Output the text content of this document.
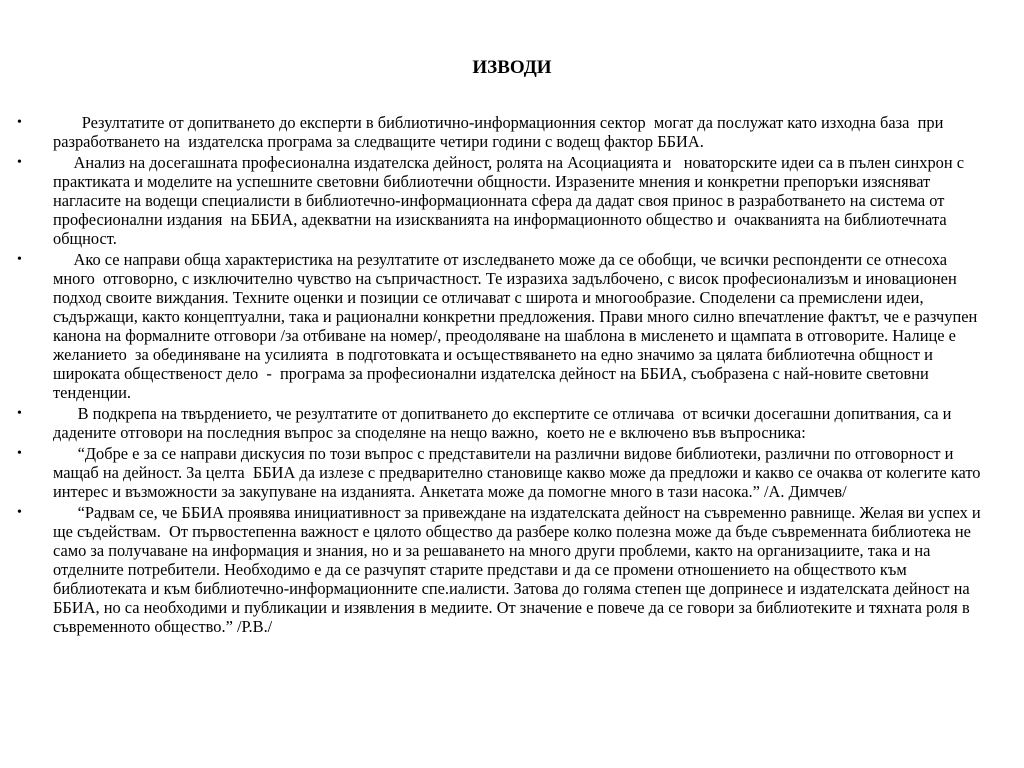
ИЗВОДИ
• Резултатите от допитването до експерти в библиотично-информационния сектор  могат да послужат като изходна база  при   разработването на  издателска програма за следващите четири години с водещ фактор ББИА.
• Анализ на досегашната професионална издателска дейност, ролята на Асоциацията и   новаторските идеи са в пълен синхрон с практиката и моделите на успешните световни библиотечни общности. Изразените мнения и конкретни препоръки изясняват  нагласите на водещи специалисти в библиотечно-информационната сфера да дадат своя принос в разработването на система от професионални издания  на ББИА, адекватни на изискванията на информационното общество и  очакванията на библиотечната общност.
• Ако се направи обща характеристика на резултатите от изследването може да се обобщи, че всички респонденти се отнесоха  много  отговорно, с изключително чувство на съпричастност. Те изразиха задълбочено, с висок професионализъм и иновационен подход своите виждания. Техните оценки и позиции се отличават с широта и многообразие. Споделени са премислени идеи, съдържащи, както концептуални, така и рационални конкретни предложения. Прави много силно впечатление фактът, че е разчупен канона на формалните отговори /за отбиване на номер/, преодоляване на шаблона в мисленето и щампата в отговорите. Налице е  желанието  за обединяване на усилията  в подготовката и осъществяването на едно значимо за цялата библиотечна общност и широката общественост дело  -  програма за професионални издателска дейност на ББИА, съобразена с най-новите световни тенденции.
• В подкрепа на твърдението, че резултатите от допитването до експертите се отличава  от всички досегашни допитвания, са и  дадените отговори на последния въпрос за споделяне на нещо важно,  което не е включено във въпросника:
• “Добре е за се направи дискусия по този въпрос с представители на различни видове библиотеки, различни по отговорност и мащаб на дейност. За целта  ББИА да излезе с предварително становище какво може да предложи и какво се очаква от колегите като интерес и възможности за закупуване на изданията. Анкетата може да помогне много в тази насока.” /А. Димчев/
• “Радвам се, че ББИА проявява инициативност за привеждане на издателската дейност на съвременно равнище. Желая ви успех и ще съдействам.  От първостепенна важност е цялото общество да разбере колко полезна може да бъде съвременната библиотека не само за получаване на информация и знания, но и за решаването на много други проблеми, както на организациите, така и на отделните потребители. Необходимо е да се разчупят старите представи и да се промени отношението на обществото към библиотеката и към библиотечно-информационните спе.иалисти. Затова до голяма степен ще допринесе и издателската дейност на ББИА, но са необходими и публикации и изявления в медиите. От значение е повече да се говори за библиотеките и тяхната роля в съвременното общество.” /Р.В./
